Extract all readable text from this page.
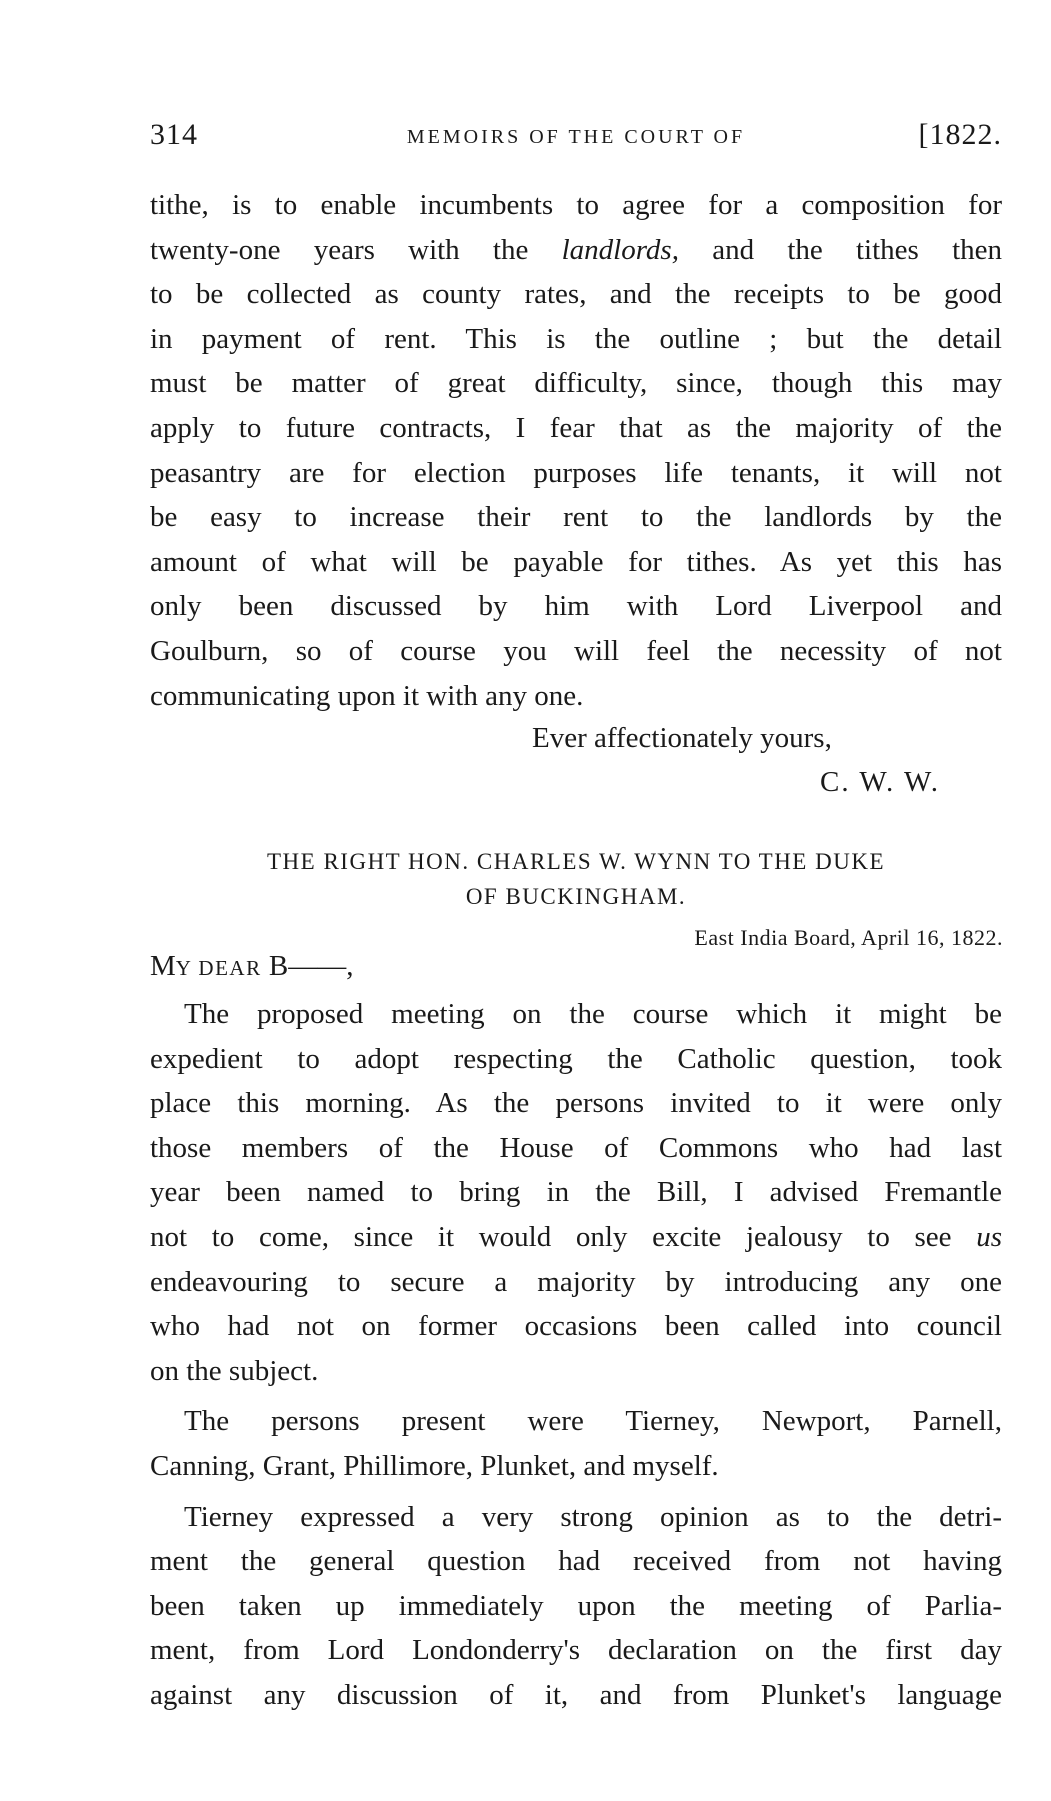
314	MEMOIRS OF THE COURT OF	[1822.
tithe, is to enable incumbents to agree for a composition for
twenty-one years with the landlords, and the tithes then
to be collected as county rates, and the receipts to be good
in payment of rent. This is the outline ; but the detail
must be matter of great difficulty, since, though this may
apply to future contracts, I fear that as the majority of the
peasantry are for election purposes life tenants, it will not
be easy to increase their rent to the landlords by the
amount of what will be payable for tithes. As yet this has
only been discussed by him with Lord Liverpool and
Goulburn, so of course you will feel the necessity of not
communicating upon it with any one.
Ever affectionately yours,
C. W. W.
THE RIGHT HON. CHARLES W. WYNN TO THE DUKE
OF BUCKINGHAM.
East India Board, April 16, 1822.
MY DEAR B——,
The proposed meeting on the course which it might be
expedient to adopt respecting the Catholic question, took
place this morning. As the persons invited to it were only
those members of the House of Commons who had last
year been named to bring in the Bill, I advised Fremantle
not to come, since it would only excite jealousy to see us
endeavouring to secure a majority by introducing any one
who had not on former occasions been called into council
on the subject.
The persons present were Tierney, Newport, Parnell,
Canning, Grant, Phillimore, Plunket, and myself.
Tierney expressed a very strong opinion as to the detri-
ment the general question had received from not having
been taken up immediately upon the meeting of Parlia-
ment, from Lord Londonderry's declaration on the first day
against any discussion of it, and from Plunket's language
